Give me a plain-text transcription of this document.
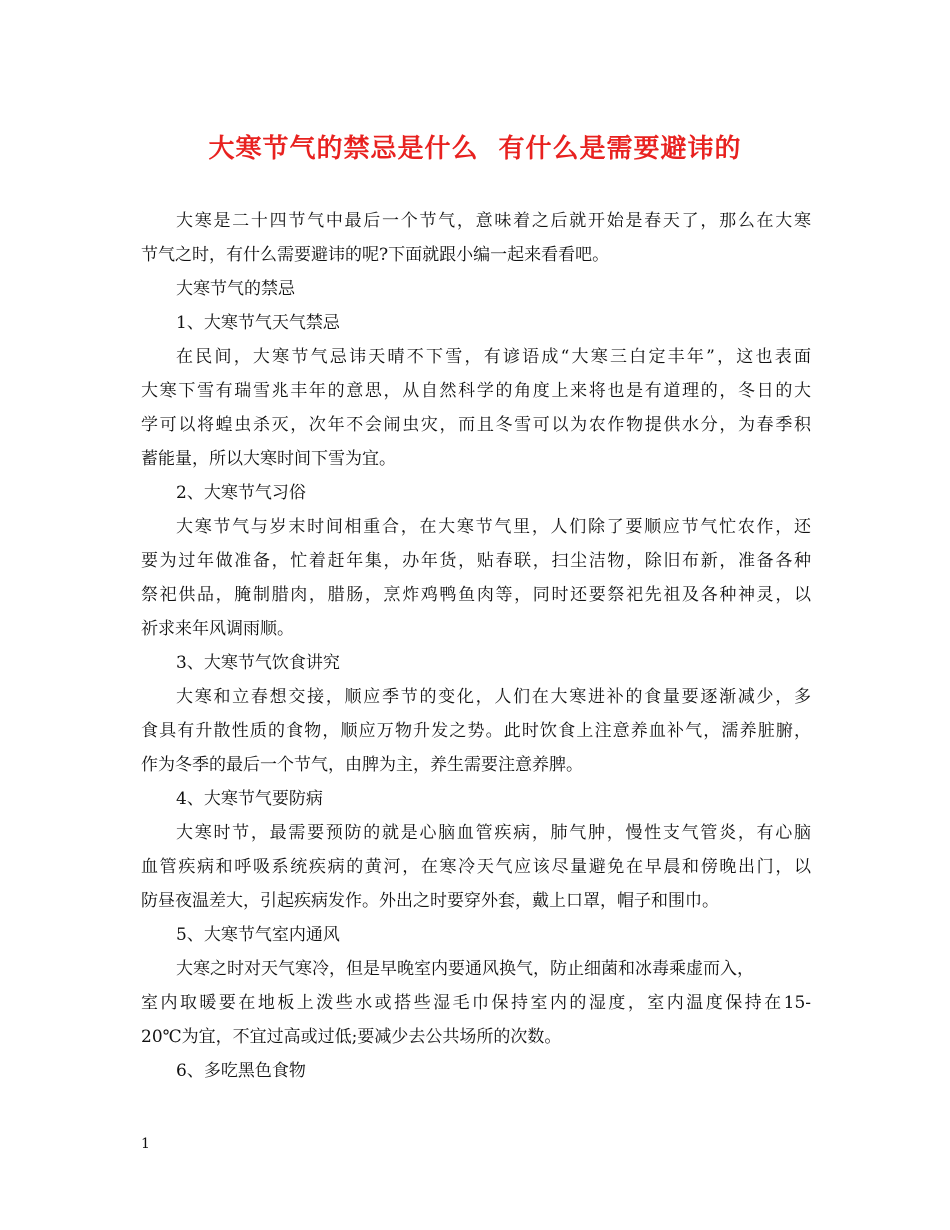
大寒节气的禁忌是什么  有什么是需要避讳的
大寒是二十四节气中最后一个节气，意味着之后就开始是春天了，那么在大寒
节气之时，有什么需要避讳的呢?下面就跟小编一起来看看吧。
大寒节气的禁忌
1、大寒节气天气禁忌
在民间，大寒节气忌讳天晴不下雪，有谚语成“大寒三白定丰年”，这也表面
大寒下雪有瑞雪兆丰年的意思，从自然科学的角度上来将也是有道理的，冬日的大
学可以将蝗虫杀灭，次年不会闹虫灾，而且冬雪可以为农作物提供水分，为春季积
蓄能量，所以大寒时间下雪为宜。
2、大寒节气习俗
大寒节气与岁末时间相重合，在大寒节气里，人们除了要顺应节气忙农作，还
要为过年做准备，忙着赶年集，办年货，贴春联，扫尘洁物，除旧布新，准备各种
祭祀供品，腌制腊肉，腊肠，烹炸鸡鸭鱼肉等，同时还要祭祀先祖及各种神灵，以
祈求来年风调雨顺。
3、大寒节气饮食讲究
大寒和立春想交接，顺应季节的变化，人们在大寒进补的食量要逐渐减少，多
食具有升散性质的食物，顺应万物升发之势。此时饮食上注意养血补气，濡养脏腑，
作为冬季的最后一个节气，由脾为主，养生需要注意养脾。
4、大寒节气要防病
大寒时节，最需要预防的就是心脑血管疾病，肺气肿，慢性支气管炎，有心脑
血管疾病和呼吸系统疾病的黄河，在寒冷天气应该尽量避免在早晨和傍晚出门，以
防昼夜温差大，引起疾病发作。外出之时要穿外套，戴上口罩，帽子和围巾。
5、大寒节气室内通风
大寒之时对天气寒冷，但是早晚室内要通风换气，防止细菌和冰毒乘虚而入，
室内取暖要在地板上泼些水或搭些湿毛巾保持室内的湿度，室内温度保持在15-
20℃为宜，不宜过高或过低;要减少去公共场所的次数。
6、多吃黑色食物
1
